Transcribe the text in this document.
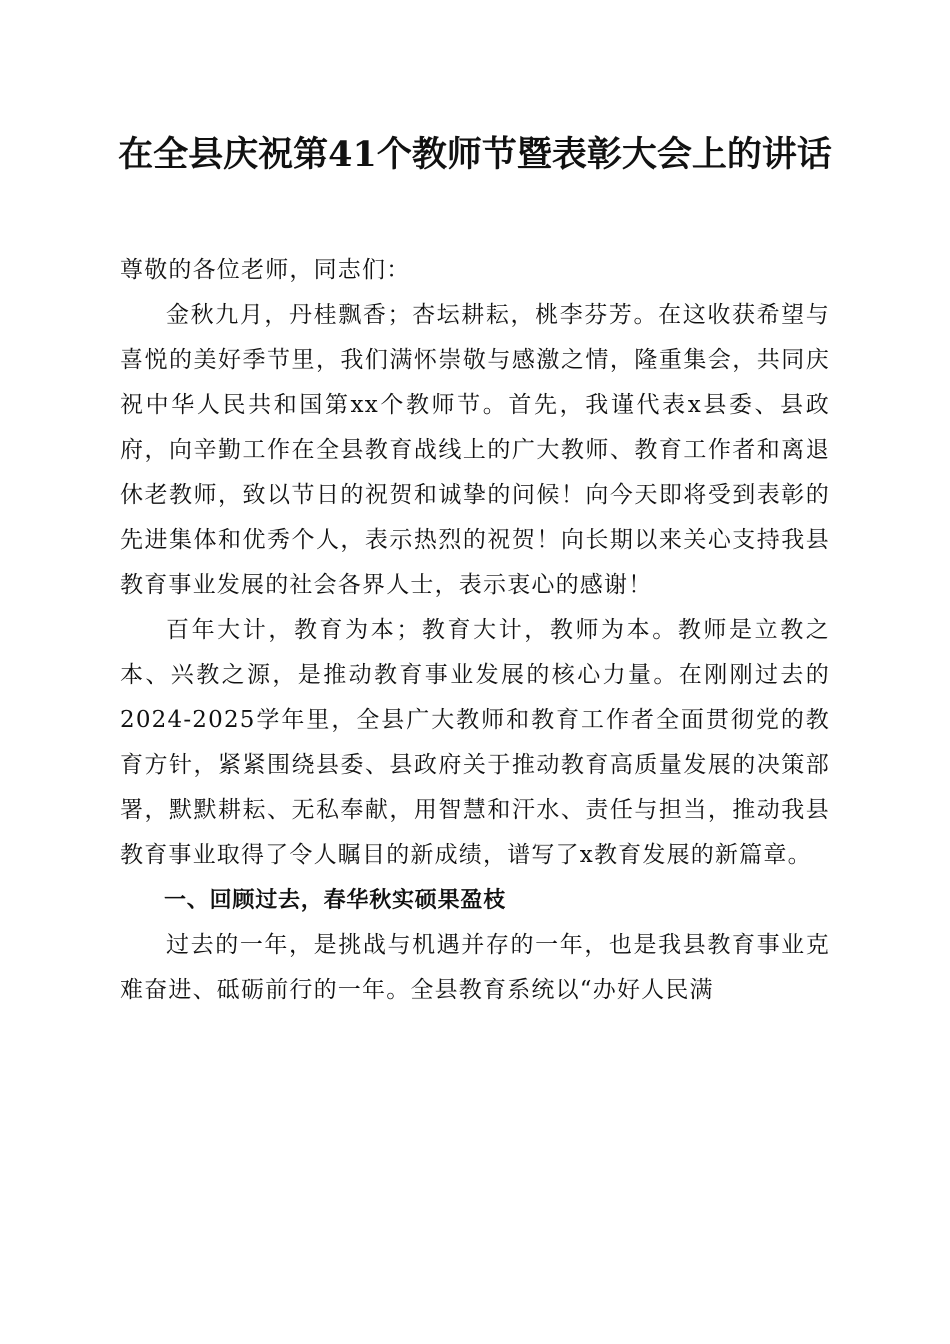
在全县庆祝第41个教师节暨表彰大会上的讲话

尊敬的各位老师，同志们：

金秋九月，丹桂飘香；杏坛耕耘，桃李芬芳。在这收获希望与喜悦的美好季节里，我们满怀崇敬与感激之情，隆重集会，共同庆祝中华人民共和国第xx个教师节。首先，我谨代表x县委、县政府，向辛勤工作在全县教育战线上的广大教师、教育工作者和离退休老教师，致以节日的祝贺和诚挚的问候！向今天即将受到表彰的先进集体和优秀个人，表示热烈的祝贺！向长期以来关心支持我县教育事业发展的社会各界人士，表示衷心的感谢！

百年大计，教育为本；教育大计，教师为本。教师是立教之本、兴教之源，是推动教育事业发展的核心力量。在刚刚过去的2024-2025学年里，全县广大教师和教育工作者全面贯彻党的教育方针，紧紧围绕县委、县政府关于推动教育高质量发展的决策部署，默默耕耘、无私奉献，用智慧和汗水、责任与担当，推动我县教育事业取得了令人瞩目的新成绩，谱写了x教育发展的新篇章。

一、回顾过去，春华秋实硕果盈枝

过去的一年，是挑战与机遇并存的一年，也是我县教育事业克难奋进、砥砺前行的一年。全县教育系统以“办好人民满
